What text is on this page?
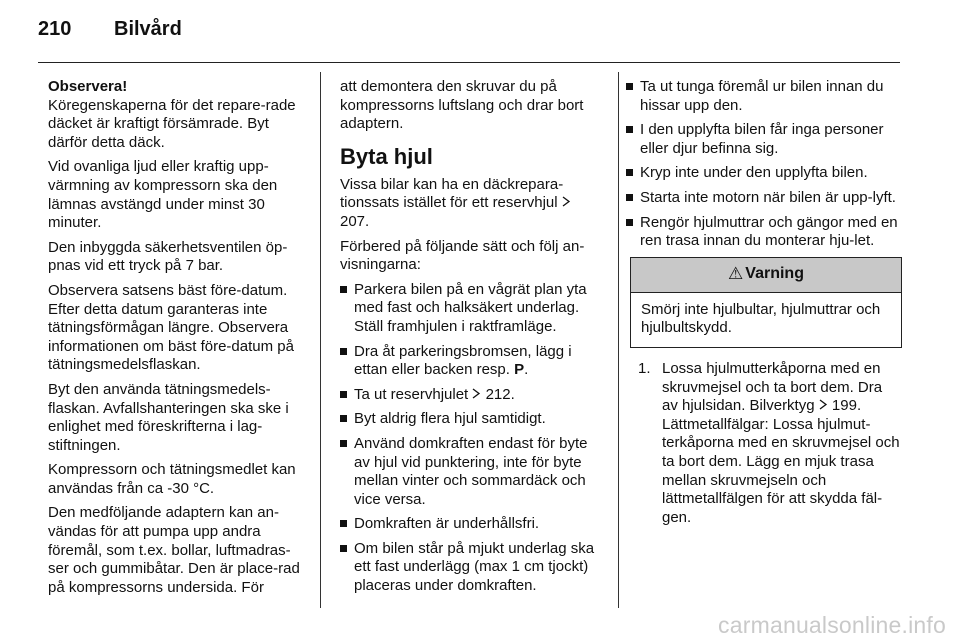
210 Bilvård

Observera!

Köregenskaperna för det repare-rade däcket är kraftigt försämrade. Byt därför detta däck.

Vid ovanliga ljud eller kraftig upp-värmning av kompressorn ska den lämnas avstängd under minst 30 minuter.

Den inbyggda säkerhetsventilen öp-pnas vid ett tryck på 7 bar.

Observera satsens bäst före-datum. Efter detta datum garanteras inte tätningsförmågan längre. Observera informationen om bäst före-datum på tätningsmedelsflaskan.

Byt den använda tätningsmedels-flaskan. Avfallshanteringen ska ske i enlighet med föreskrifterna i lag-stiftningen.

Kompressorn och tätningsmedlet kan användas från ca -30 °C.

Den medföljande adaptern kan an-vändas för att pumpa upp andra föremål, som t.ex. bollar, luftmadras-ser och gummibåtar. Den är place-rad på kompressorns undersida. För

att demontera den skruvar du på kompressorns luftslang och drar bort adaptern.

Byta hjul

Vissa bilar kan ha en däckrepara-tionssats istället för ett reservhjul  207.

Förbered på följande sätt och följ an-visningarna:

Parkera bilen på en vågrät plan yta med fast och halksäkert underlag. Ställ framhjulen i raktframläge.
Dra åt parkeringsbromsen, lägg i ettan eller backen resp. P.
Ta ut reservhjulet  212.
Byt aldrig flera hjul samtidigt.
Använd domkraften endast för byte av hjul vid punktering, inte för byte mellan vinter och sommardäck och vice versa.
Domkraften är underhållsfri.
Om bilen står på mjukt underlag ska ett fast underlägg (max 1 cm tjockt) placeras under domkraften.
Ta ut tunga föremål ur bilen innan du hissar upp den.
I den upplyfta bilen får inga personer eller djur befinna sig.
Kryp inte under den upplyfta bilen.
Starta inte motorn när bilen är upp-lyft.
Rengör hjulmuttrar och gängor med en ren trasa innan du monterar hju-let.
⚠ Varning
Smörj inte hjulbultar, hjulmuttrar och hjulbultskydd.
1. Lossa hjulmutterkåporna med en skruvmejsel och ta bort dem. Dra av hjulsidan. Bilverktyg  199.

Lättmetallfälgar: Lossa hjulmut-terkåporna med en skruvmejsel och ta bort dem. Lägg en mjuk trasa mellan skruvmejseln och lättmetallfälgen för att skydda fäl-gen.

carmanualsonline.info
